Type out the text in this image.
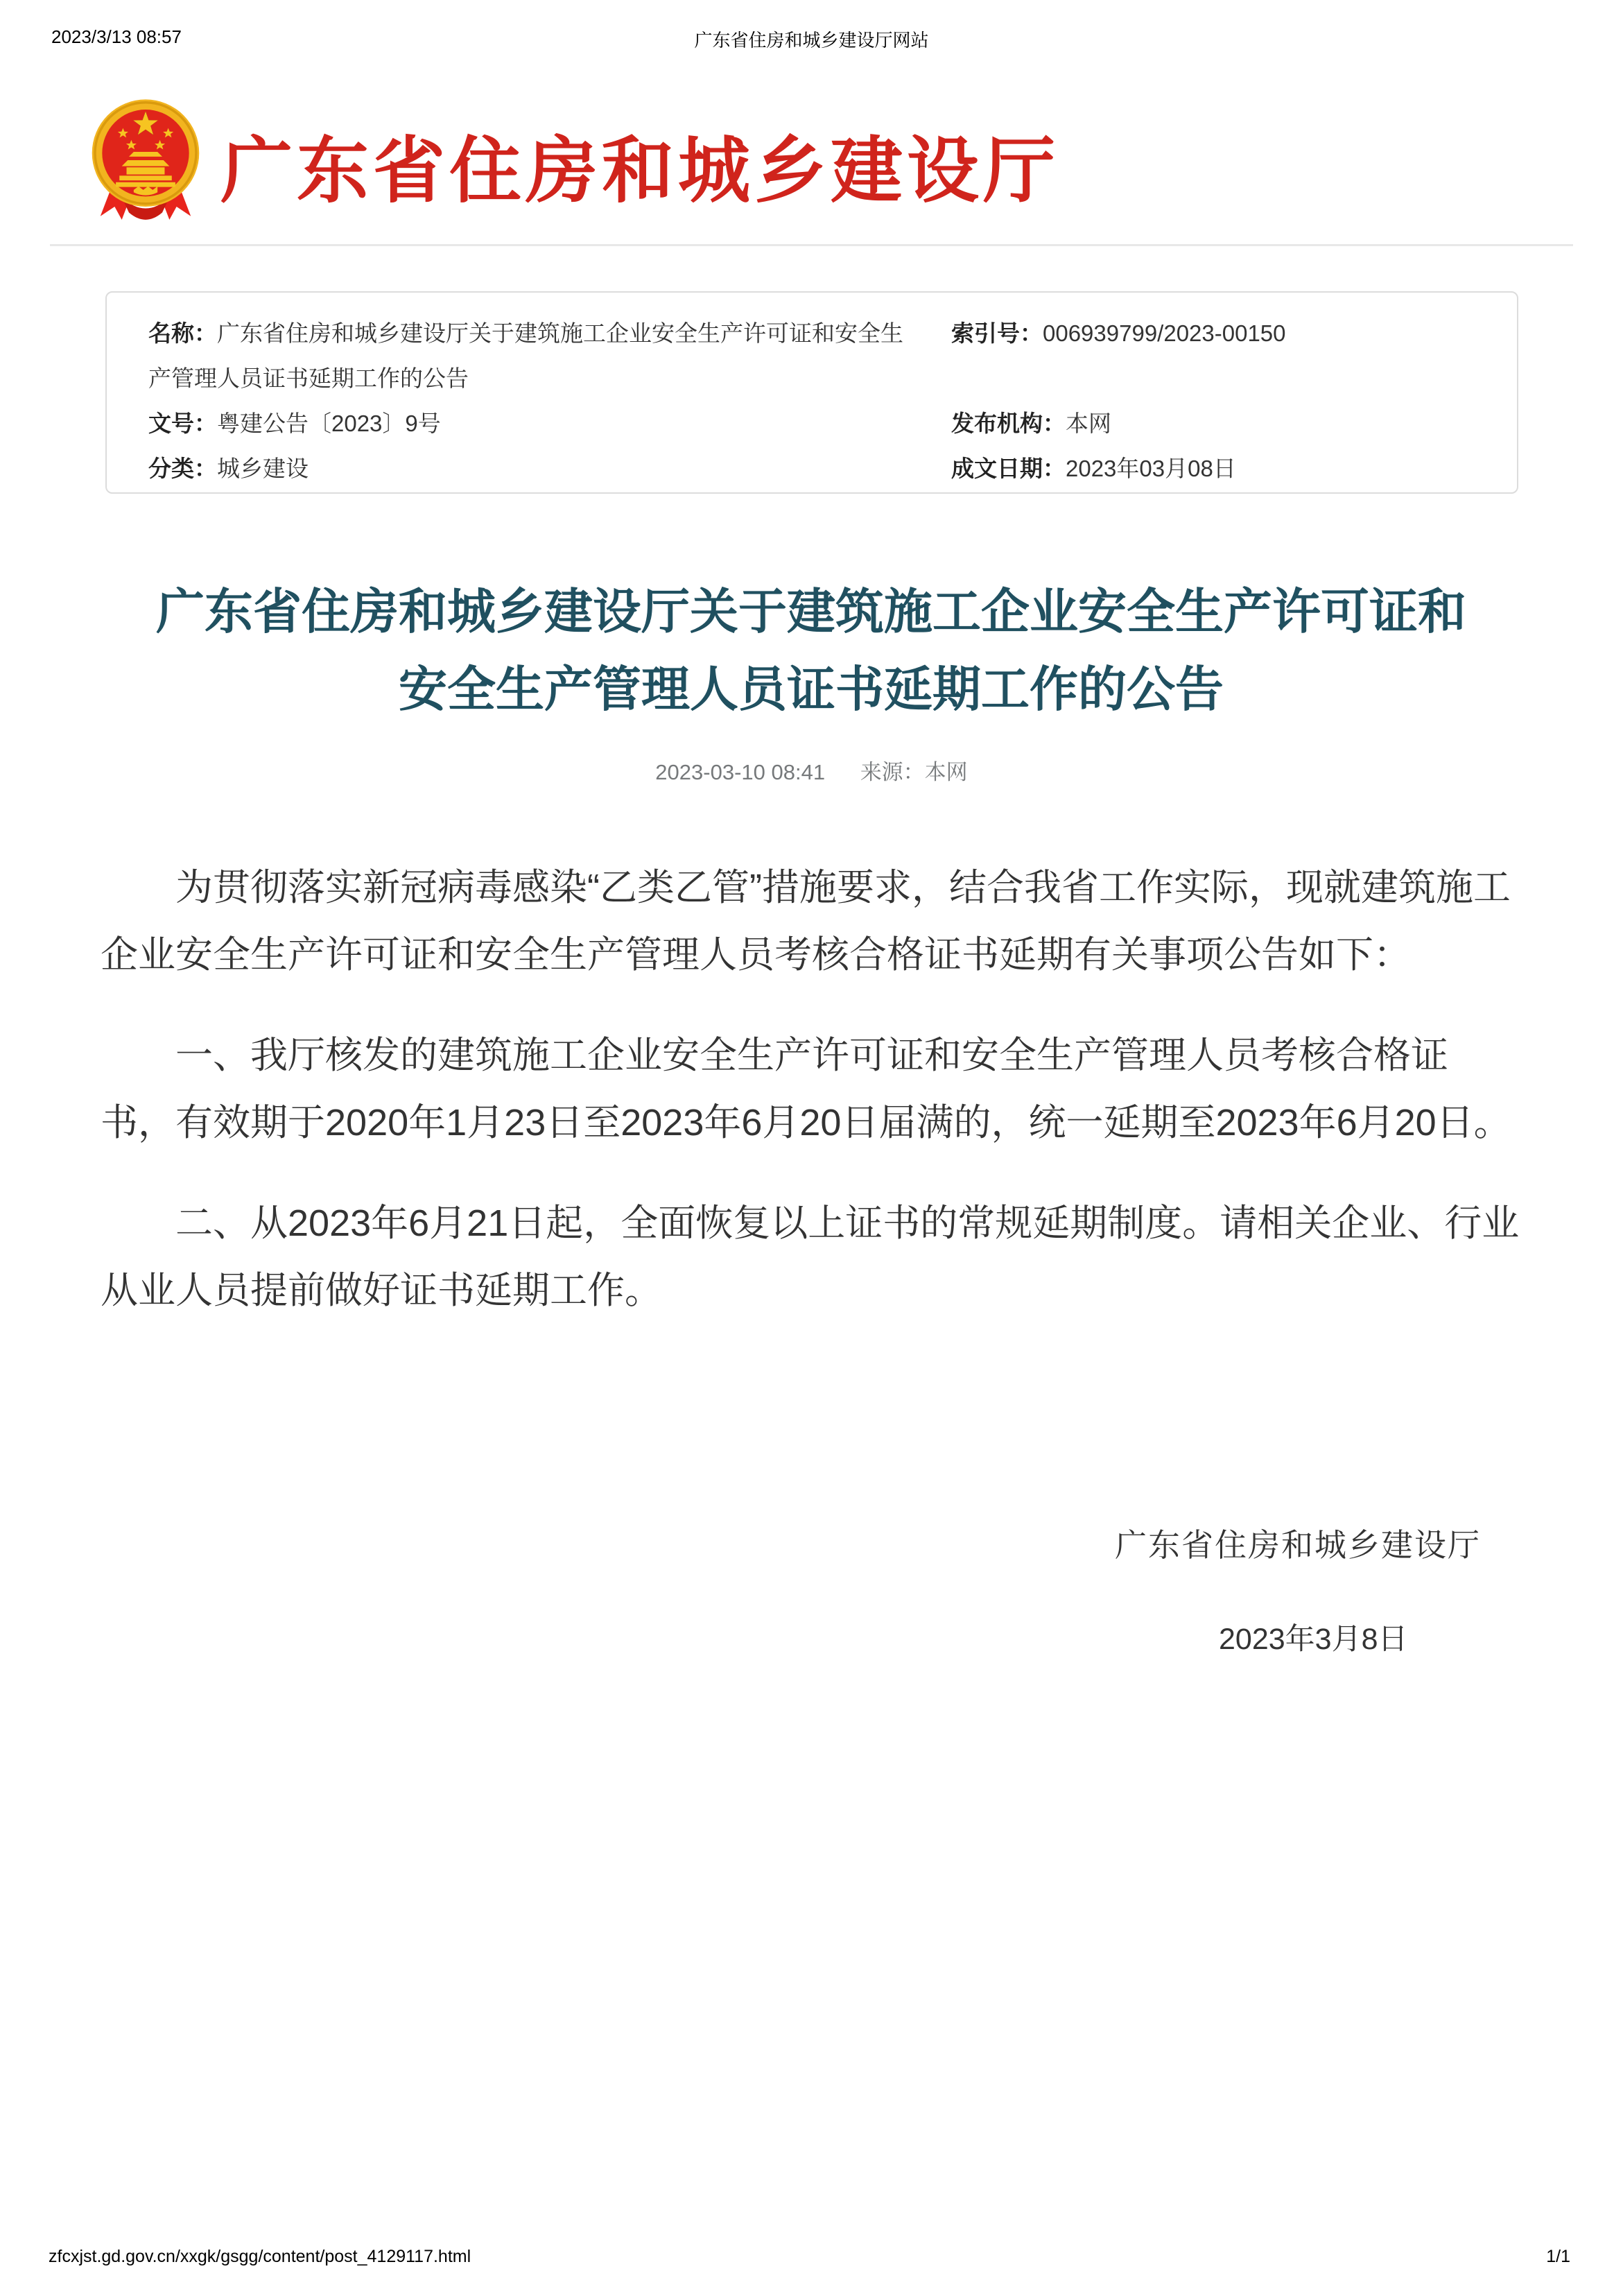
2023/3/13 08:57	广东省住房和城乡建设厅网站
广东省住房和城乡建设厅
名称：广东省住房和城乡建设厅关于建筑施工企业安全生产许可证和安全生产管理人员证书延期工作的公告
文号：粤建公告〔2023〕9号
分类：城乡建设
索引号：006939799/2023-00150
发布机构：本网
成文日期：2023年03月08日
广东省住房和城乡建设厅关于建筑施工企业安全生产许可证和
安全生产管理人员证书延期工作的公告
2023-03-10 08:41 来源：本网

为贯彻落实新冠病毒感染“乙类乙管”措施要求，结合我省工作实际，现就建筑施工企业安全生产许可证和安全生产管理人员考核合格证书延期有关事项公告如下：

一、我厅核发的建筑施工企业安全生产许可证和安全生产管理人员考核合格证书，有效期于2020年1月23日至2023年6月20日届满的，统一延期至2023年6月20日。

二、从2023年6月21日起，全面恢复以上证书的常规延期制度。请相关企业、行业从业人员提前做好证书延期工作。

广东省住房和城乡建设厅
2023年3月8日
zfcxjst.gd.gov.cn/xxgk/gsgg/content/post_4129117.html	1/1
